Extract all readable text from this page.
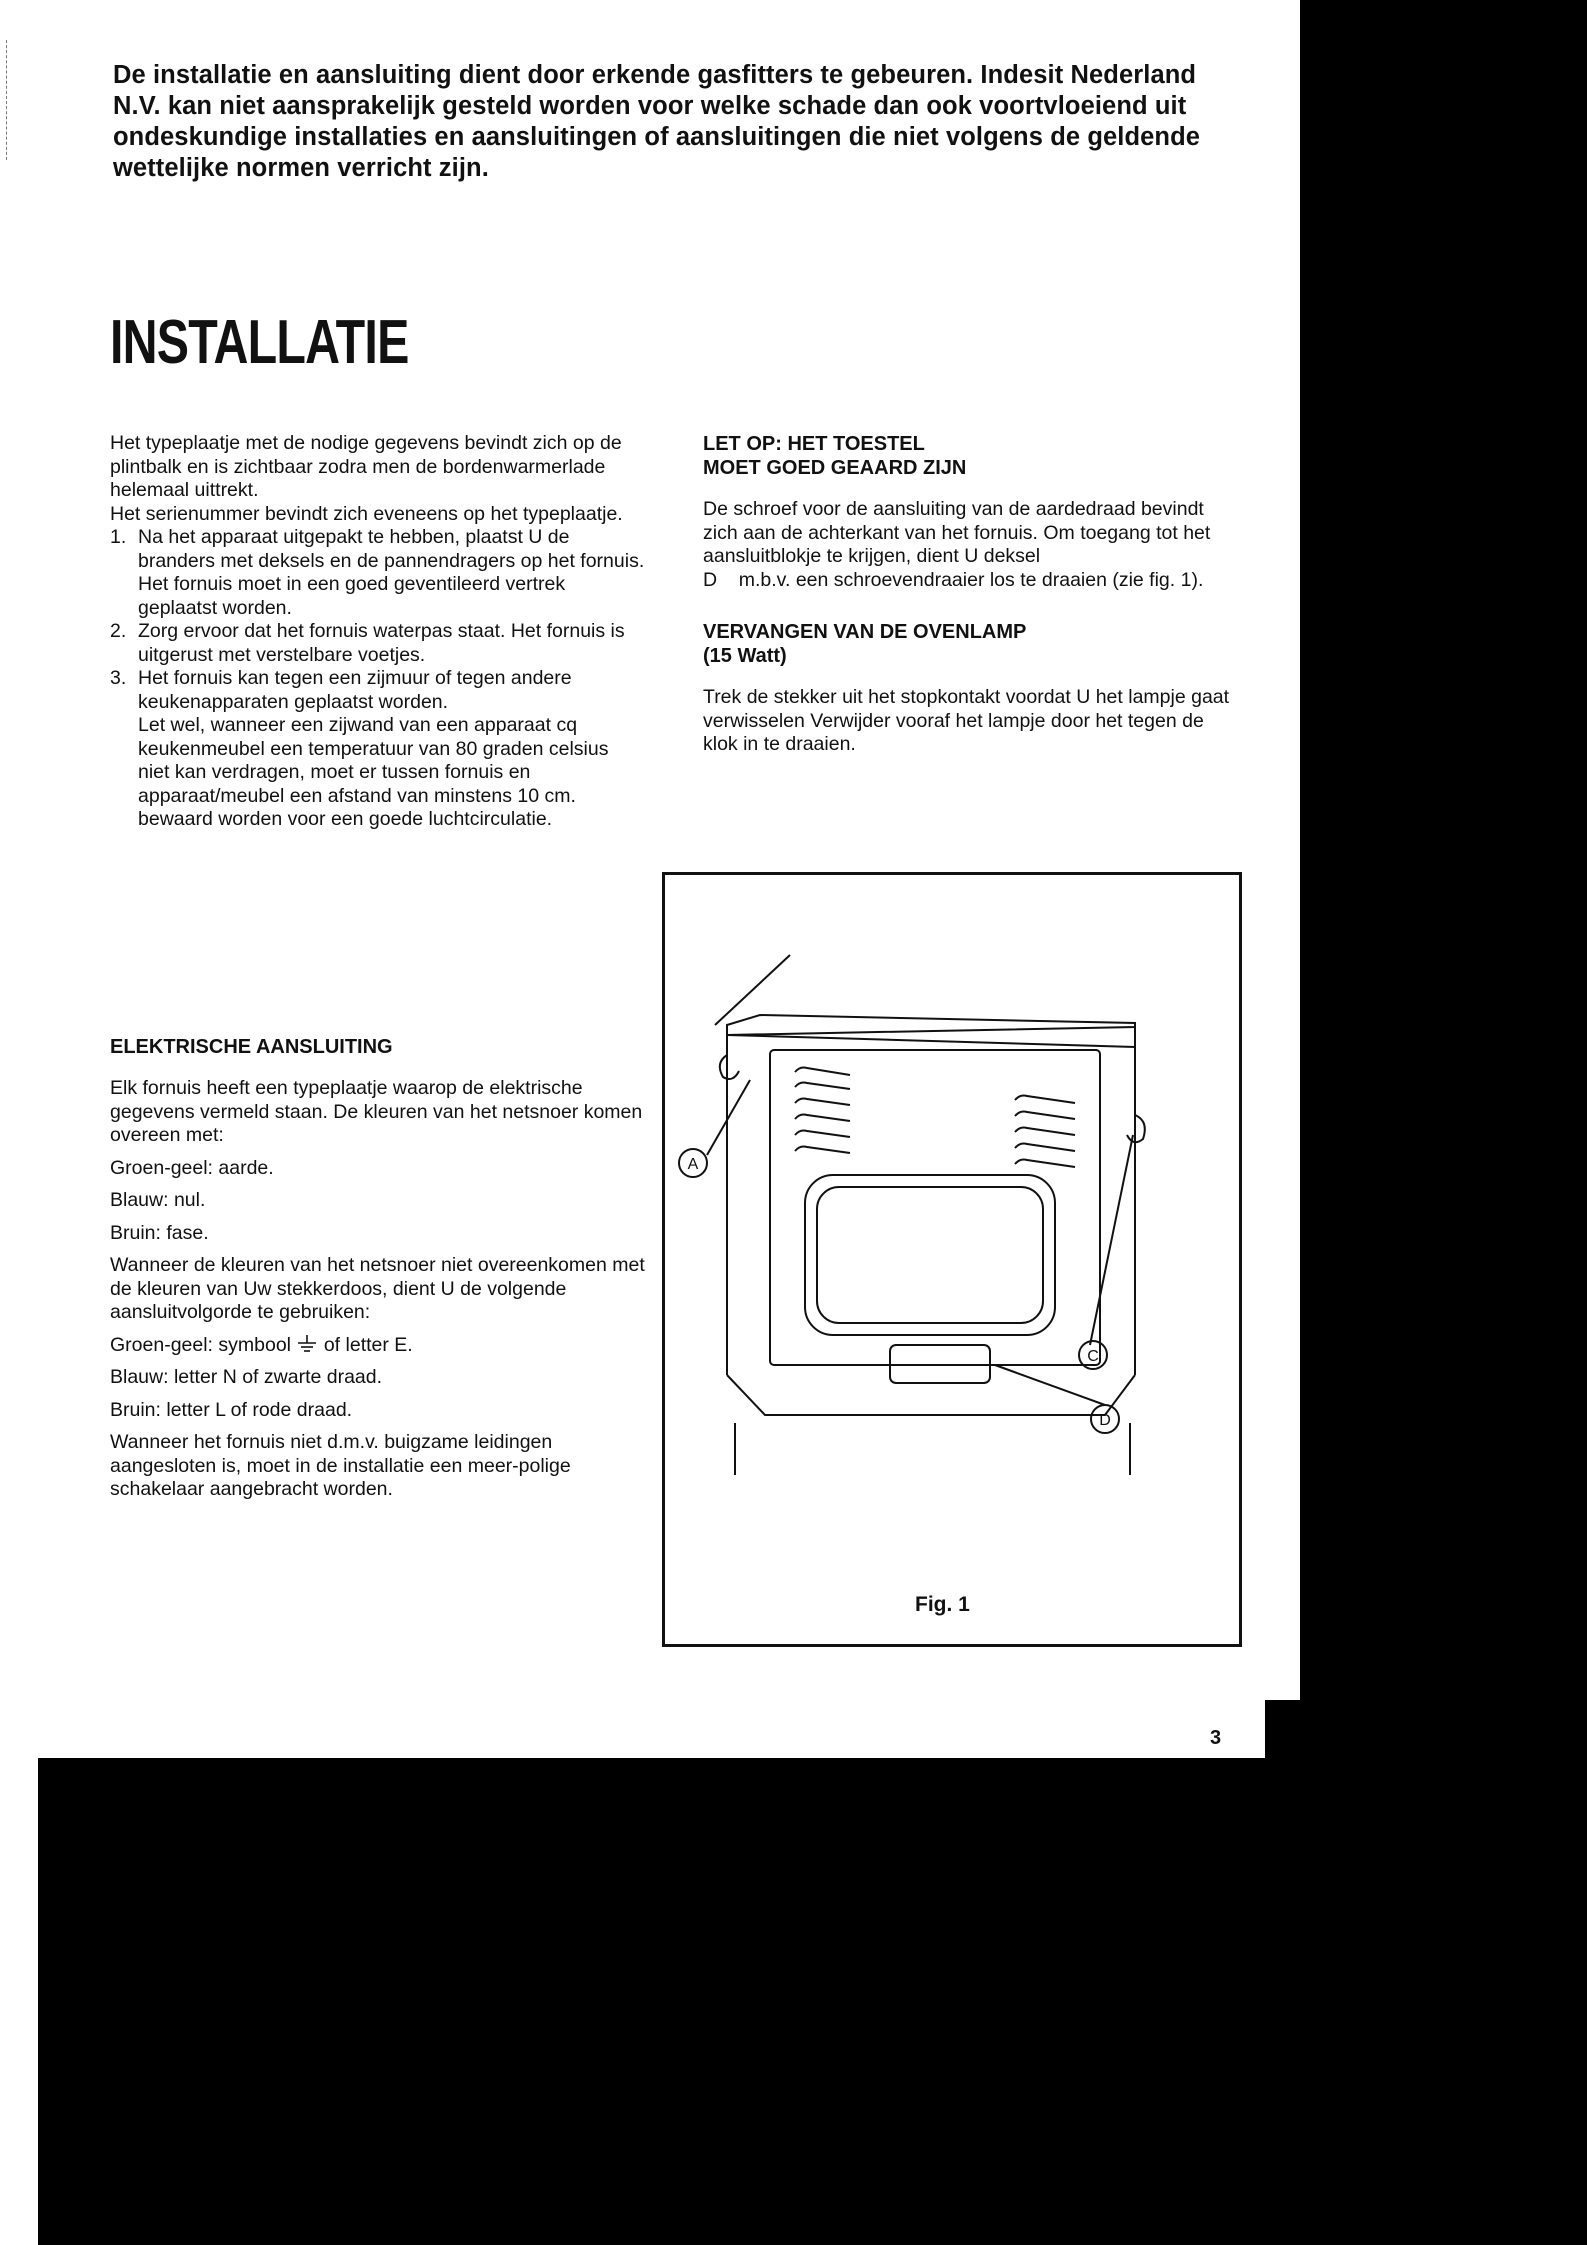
De installatie en aansluiting dient door erkende gasfitters te gebeuren. Indesit Nederland N.V. kan niet aansprakelijk gesteld worden voor welke schade dan ook voortvloeiend uit ondeskundige installaties en aansluitingen of aansluitingen die niet volgens de geldende wettelijke normen verricht zijn.

INSTALLATIE

Het typeplaatje met de nodige gegevens bevindt zich op de plintbalk en is zichtbaar zodra men de bordenwarmerlade helemaal uittrekt.

Het serienummer bevindt zich eveneens op het typeplaatje.

1. Na het apparaat uitgepakt te hebben, plaatst U de branders met deksels en de pannendragers op het fornuis.
Het fornuis moet in een goed geventileerd vertrek geplaatst worden.
2. Zorg ervoor dat het fornuis waterpas staat. Het fornuis is uitgerust met verstelbare voetjes.
3. Het fornuis kan tegen een zijmuur of tegen andere keukenapparaten geplaatst worden.
Let wel, wanneer een zijwand van een apparaat cq keukenmeubel een temperatuur van 80 graden celsius niet kan verdragen, moet er tussen fornuis en apparaat/meubel een afstand van minstens 10 cm. bewaard worden voor een goede luchtcirculatie.

LET OP: HET TOESTEL
MOET GOED GEAARD ZIJN

De schroef voor de aansluiting van de aardedraad bevindt zich aan de achterkant van het fornuis. Om toegang tot het aansluitblokje te krijgen, dient U deksel
D    m.b.v. een schroevendraaier los te draaien (zie fig. 1).

VERVANGEN VAN DE OVENLAMP
(15 Watt)

Trek de stekker uit het stopkontakt voordat U het lampje gaat verwisselen Verwijder vooraf het lampje door het tegen de klok in te draaien.

ELEKTRISCHE AANSLUITING

Elk fornuis heeft een typeplaatje waarop de elektrische gegevens vermeld staan. De kleuren van het netsnoer komen overeen met:

Groen-geel: aarde.

Blauw: nul.

Bruin: fase.

Wanneer de kleuren van het netsnoer niet overeenkomen met de kleuren van Uw stekkerdoos, dient U de volgende aansluitvolgorde te gebruiken:

Groen-geel: symbool  of letter E.

Blauw: letter N of zwarte draad.

Bruin: letter L of rode draad.

Wanneer het fornuis niet d.m.v. buigzame leidingen aangesloten is, moet in de installatie een meer-polige schakelaar aangebracht worden.

A
C
D
Fig. 1
3
